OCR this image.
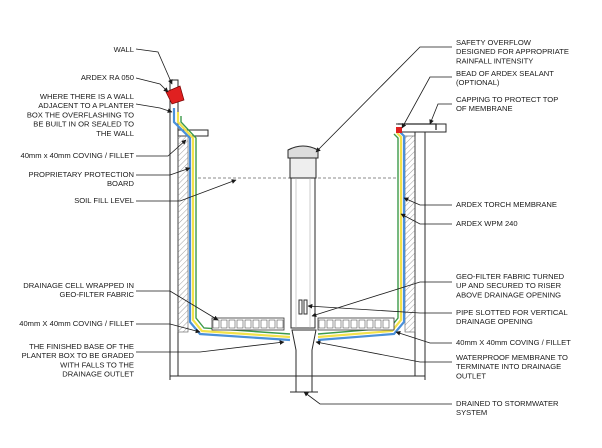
WALL
ARDEX RA 050
WHERE THERE IS A WALL ADJACENT TO A PLANTER BOX THE OVERFLASHING TO BE BUILT IN OR SEALED TO THE WALL
40mm x 40mm COVING / FILLET
PROPRIETARY PROTECTION BOARD
SOIL FILL LEVEL
DRAINAGE CELL WRAPPED IN GEO-FILTER FABRIC
40mm X 40mm COVING / FILLET
THE FINISHED BASE OF THE PLANTER BOX TO BE GRADED WITH FALLS TO THE DRAINAGE OUTLET
SAFETY OVERFLOW DESIGNED FOR APPROPRIATE RAINFALL INTENSITY
BEAD OF ARDEX SEALANT (OPTIONAL)
CAPPING TO PROTECT TOP OF MEMBRANE
ARDEX TORCH MEMBRANE
ARDEX WPM 240
GEO-FILTER FABRIC TURNED UP AND SECURED TO RISER ABOVE DRAINAGE OPENING
PIPE SLOTTED FOR VERTICAL DRAINAGE OPENING
40mm X 40mm COVING / FILLET
WATERPROOF MEMBRANE TO TERMINATE INTO DRAINAGE OUTLET
DRAINED TO STORMWATER SYSTEM
